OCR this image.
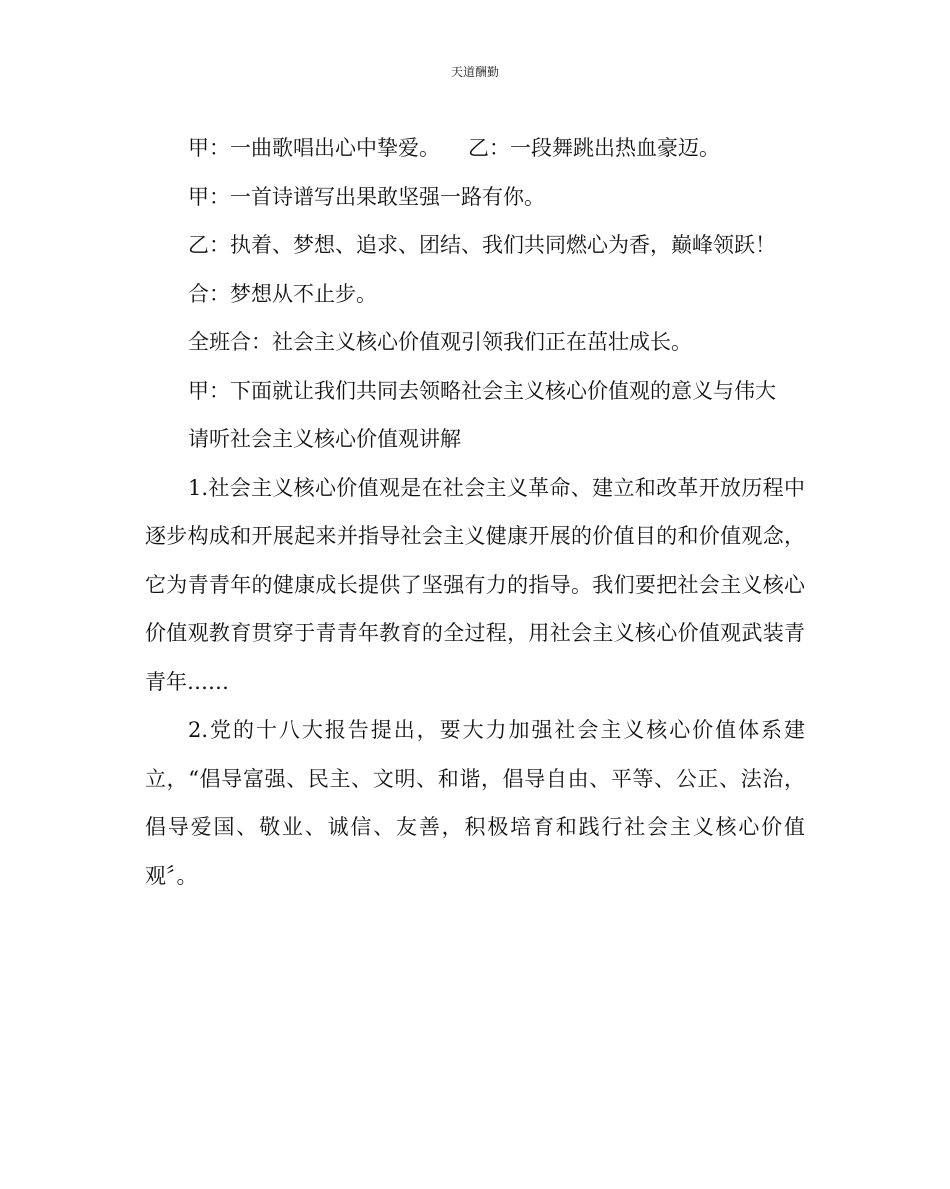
天道酬勤

甲：一曲歌唱出心中挚爱。 乙：一段舞跳出热血豪迈。

甲：一首诗谱写出果敢坚强一路有你。

乙：执着、梦想、追求、团结、我们共同燃心为香，巅峰领跃！

合：梦想从不止步。

全班合：社会主义核心价值观引领我们正在茁壮成长。

甲：下面就让我们共同去领略社会主义核心价值观的意义与伟大

请听社会主义核心价值观讲解

1.社会主义核心价值观是在社会主义革命、建立和改革开放历程中逐步构成和开展起来并指导社会主义健康开展的价值目的和价值观念，它为青青年的健康成长提供了坚强有力的指导。我们要把社会主义核心价值观教育贯穿于青青年教育的全过程，用社会主义核心价值观武装青青年……

2.党的十八大报告提出，要大力加强社会主义核心价值体系建立，“倡导富强、民主、文明、和谐，倡导自由、平等、公正、法治，倡导爱国、敬业、诚信、友善，积极培育和践行社会主义核心价值观〞。
